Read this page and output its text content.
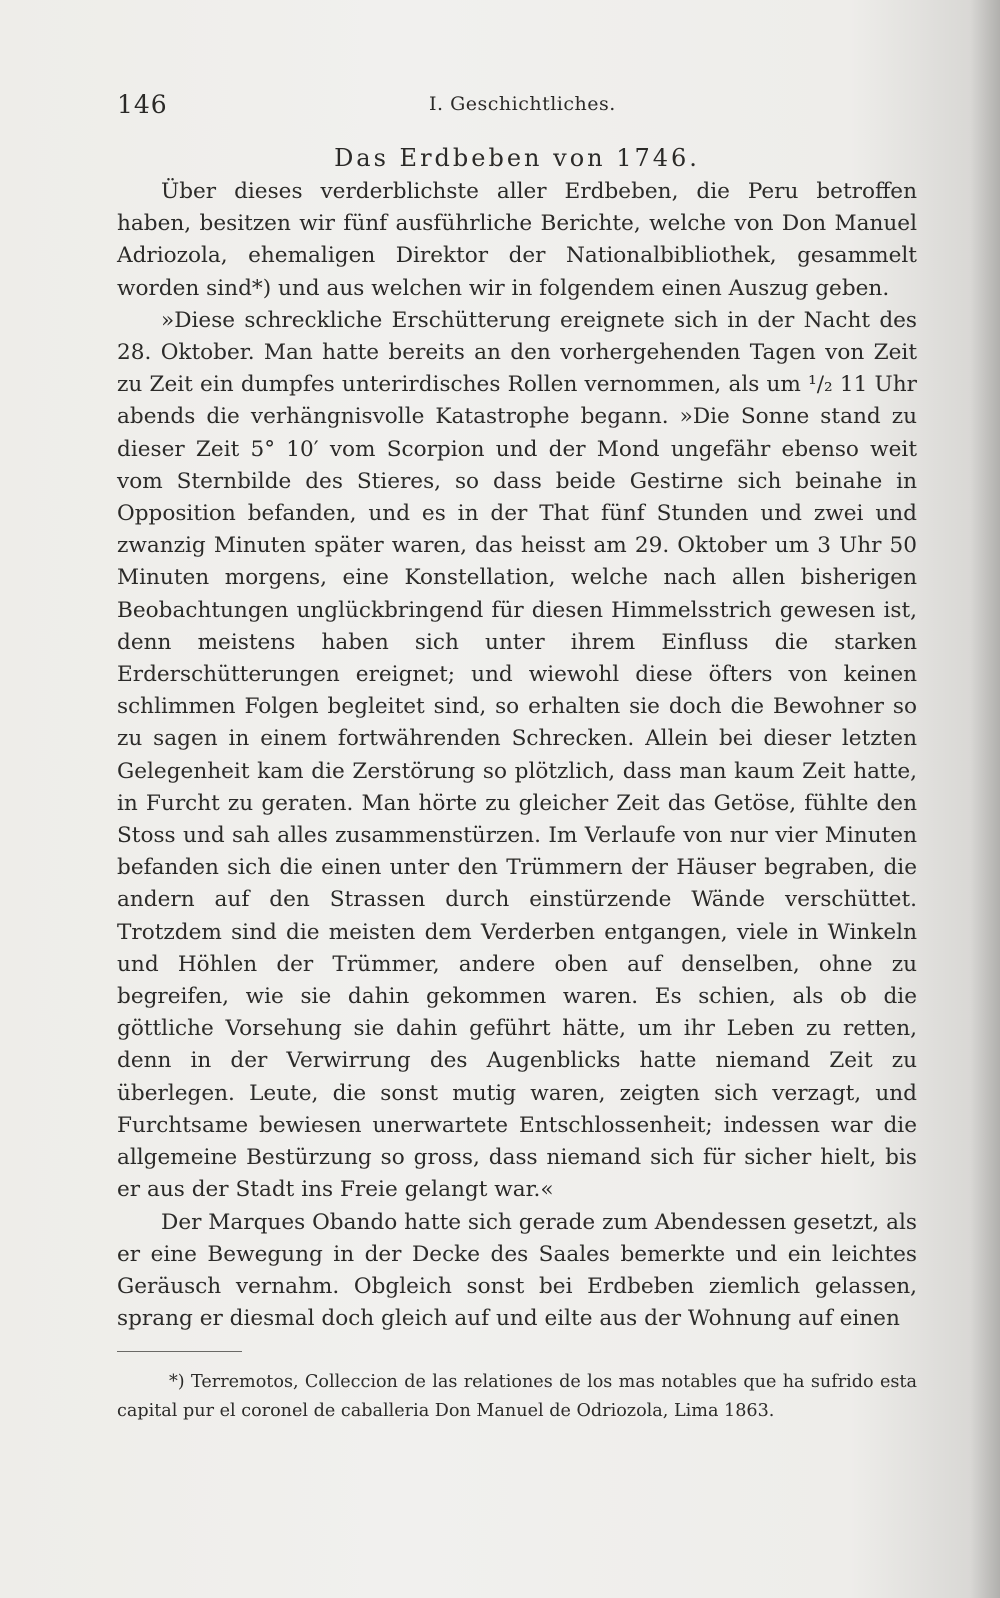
146	I. Geschichtliches.
Das Erdbeben von 1746.

Über dieses verderblichste aller Erdbeben, die Peru betroffen haben, besitzen wir fünf ausführliche Berichte, welche von Don Manuel Adriozola, ehemaligen Direktor der Nationalbibliothek, gesammelt worden sind*) und aus welchen wir in folgendem einen Auszug geben.

»Diese schreckliche Erschütterung ereignete sich in der Nacht des 28. Oktober. Man hatte bereits an den vorhergehenden Tagen von Zeit zu Zeit ein dumpfes unterirdisches Rollen vernommen, als um ¹/₂ 11 Uhr abends die verhängnisvolle Katastrophe begann. »Die Sonne stand zu dieser Zeit 5° 10′ vom Scorpion und der Mond ungefähr ebenso weit vom Sternbilde des Stieres, so dass beide Gestirne sich beinahe in Opposition befanden, und es in der That fünf Stunden und zwei und zwanzig Minuten später waren, das heisst am 29. Oktober um 3 Uhr 50 Minuten morgens, eine Konstellation, welche nach allen bisherigen Beobachtungen unglückbringend für diesen Himmelsstrich gewesen ist, denn meistens haben sich unter ihrem Einfluss die starken Erderschütterungen ereignet; und wiewohl diese öfters von keinen schlimmen Folgen begleitet sind, so erhalten sie doch die Bewohner so zu sagen in einem fortwährenden Schrecken. Allein bei dieser letzten Gelegenheit kam die Zerstörung so plötzlich, dass man kaum Zeit hatte, in Furcht zu geraten. Man hörte zu gleicher Zeit das Getöse, fühlte den Stoss und sah alles zusammenstürzen. Im Verlaufe von nur vier Minuten befanden sich die einen unter den Trümmern der Häuser begraben, die andern auf den Strassen durch einstürzende Wände verschüttet. Trotzdem sind die meisten dem Verderben entgangen, viele in Winkeln und Höhlen der Trümmer, andere oben auf denselben, ohne zu begreifen, wie sie dahin gekommen waren. Es schien, als ob die göttliche Vorsehung sie dahin geführt hätte, um ihr Leben zu retten, denn in der Verwirrung des Augenblicks hatte niemand Zeit zu überlegen. Leute, die sonst mutig waren, zeigten sich verzagt, und Furchtsame bewiesen unerwartete Entschlossenheit; indessen war die allgemeine Bestürzung so gross, dass niemand sich für sicher hielt, bis er aus der Stadt ins Freie gelangt war.«

Der Marques Obando hatte sich gerade zum Abendessen gesetzt, als er eine Bewegung in der Decke des Saales bemerkte und ein leichtes Geräusch vernahm. Obgleich sonst bei Erdbeben ziemlich gelassen, sprang er diesmal doch gleich auf und eilte aus der Wohnung auf einen

*) Terremotos, Colleccion de las relationes de los mas notables que ha sufrido esta capital pur el coronel de caballeria Don Manuel de Odriozola, Lima 1863.
